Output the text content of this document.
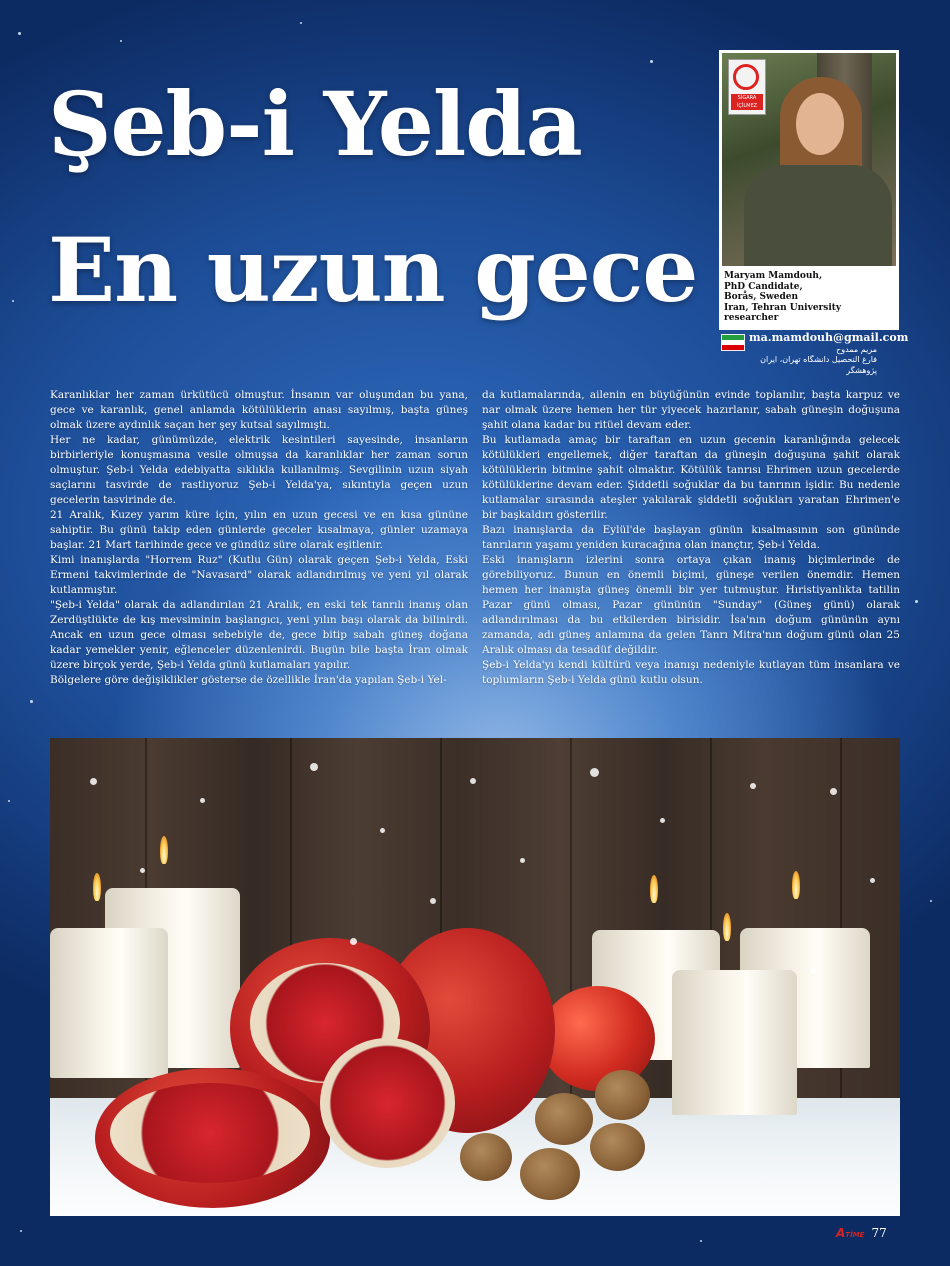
Şeb-i Yelda
En uzun gece
SİGARA İÇİLMEZ
Maryam Mamdouh,
PhD Candidate,
Borås, Sweden
Iran, Tehran University
researcher
ma.mamdouh@gmail.com
مریم ممدوح
فارغ التحصیل دانشگاه تهران، ایران
پژوهشگر

Karanlıklar her zaman ürkütücü olmuştur. İnsanın var oluşundan bu yana, gece ve karanlık, genel anlamda kötülüklerin anası sayılmış, başta güneş olmak üzere aydınlık saçan her şey kutsal sayılmıştı.

Her ne kadar, günümüzde, elektrik kesintileri sayesinde, insanların birbirleriyle konuşmasına vesile olmuşsa da karanlıklar her zaman sorun olmuştur. Şeb-i Yelda edebiyatta sıklıkla kullanılmış. Sevgilinin uzun siyah saçlarını tasvirde de rastlıyoruz Şeb-i Yelda'ya, sıkıntıyla geçen uzun gecelerin tasvirinde de.

21 Aralık, Kuzey yarım küre için, yılın en uzun gecesi ve en kısa gününe sahiptir. Bu günü takip eden günlerde geceler kısalmaya, günler uzamaya başlar. 21 Mart tarihinde gece ve gündüz süre olarak eşitlenir.

Kimi inanışlarda "Horrem Ruz" (Kutlu Gün) olarak geçen Şeb-i Yelda, Eski Ermeni takvimlerinde de "Navasard" olarak adlandırılmış ve yeni yıl olarak kutlanmıştır.

"Şeb-i Yelda" olarak da adlandırılan 21 Aralık, en eski tek tanrılı inanış olan Zerdüştlükte de kış mevsiminin başlangıcı, yeni yılın başı olarak da bilinirdi. Ancak en uzun gece olması sebebiyle de, gece bitip sabah güneş doğana kadar yemekler yenir, eğlenceler düzenlenirdi. Bugün bile başta İran olmak üzere birçok yerde, Şeb-i Yelda günü kutlamaları yapılır.

Bölgelere göre değişiklikler gösterse de özellikle İran'da yapılan Şeb-i Yel-

da kutlamalarında, ailenin en büyüğünün evinde toplanılır, başta karpuz ve nar olmak üzere hemen her tür yiyecek hazırlanır, sabah güneşin doğuşuna şahit olana kadar bu ritüel devam eder.

Bu kutlamada amaç bir taraftan en uzun gecenin karanlığında gelecek kötülükleri engellemek, diğer taraftan da güneşin doğuşuna şahit olarak kötülüklerin bitmine şahit olmaktır. Kötülük tanrısı Ehrimen uzun gecelerde kötülüklerine devam eder. Şiddetli soğuklar da bu tanrının işidir. Bu nedenle kutlamalar sırasında ateşler yakılarak şiddetli soğukları yaratan Ehrimen'e bir başkaldırı gösterilir.

Bazı inanışlarda da Eylül'de başlayan günün kısalmasının son gününde tanrıların yaşamı yeniden kuracağına olan inançtır, Şeb-i Yelda.

Eski inanışların izlerini sonra ortaya çıkan inanış biçimlerinde de görebiliyoruz. Bunun en önemli biçimi, güneşe verilen önemdir. Hemen hemen her inanışta güneş önemli bir yer tutmuştur. Hıristiyanlıkta tatilin Pazar günü olması, Pazar gününün "Sunday" (Güneş günü) olarak adlandırılması da bu etkilerden birisidir. İsa'nın doğum gününün aynı zamanda, adı güneş anlamına da gelen Tanrı Mitra'nın doğum günü olan 25 Aralık olması da tesadüf değildir.

Şeb-i Yelda'yı kendi kültürü veya inanışı nedeniyle kutlayan tüm insanlara ve toplumların Şeb-i Yelda günü kutlu olsun.

ATİME 77
